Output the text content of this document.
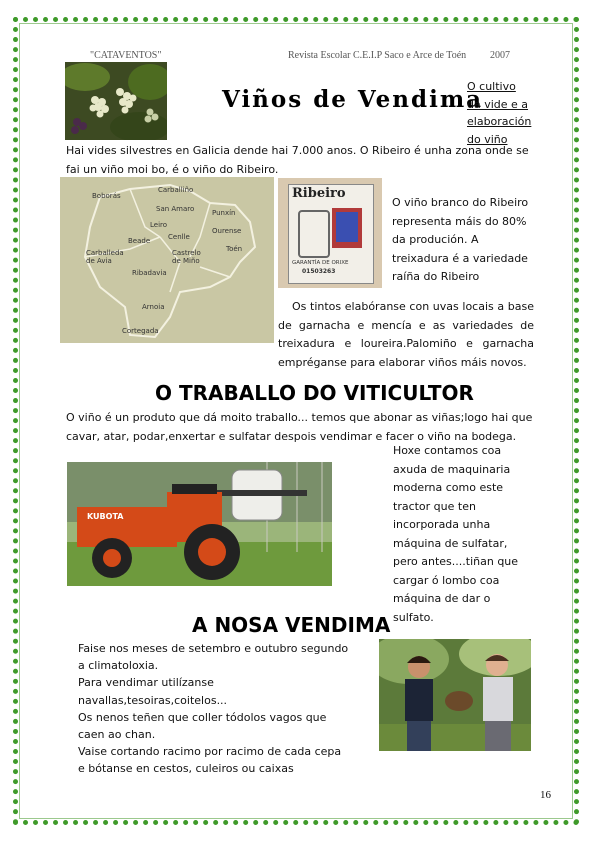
"CATAVENTOS"	Revista Escolar C.E.I.P Saco e Arce de Toén 2007
Viños de Vendima
O cultivo
da vide e a
elaboración
do viño
Hai vides silvestres en Galicia dende hai 7.000 anos. O Ribeiro é unha zona onde se fai un viño moi bo, é o viño do Ribeiro.
Carballiño
Boborás
San Amaro	Punxín
Leiro
Cenlle
Ourense
Beade
Carballeda de Avia
Castrelo de Miño
Toén
Ribadavia
Arnoia
Cortegada
Ribeiro
GARANTÍA DE ORIXE
01503263
O viño branco do Ribeiro representa máis do 80% da produción. A treixadura é a variedade raíña do Ribeiro
Os tintos elabóranse con uvas locais a base de garnacha e mencía e as variedades de treixadura e loureira.Palomiño e garnacha empréganse para elaborar viños máis novos.
O TRABALLO DO VITICULTOR
O viño é un produto que dá moito traballo... temos que abonar as viñas;logo hai que cavar, atar, podar,enxertar e sulfatar despois vendimar e facer o viño na bodega.
KUBOTA
Hoxe contamos coa axuda de maquinaria moderna como este tractor que ten incorporada unha máquina de sulfatar, pero antes....tiñan que cargar ó lombo coa máquina de dar o sulfato.
A NOSA VENDIMA
Faise nos meses de setembro e outubro segundo
a climatoloxia.
Para vendimar utilízanse
navallas,tesoiras,coitelos...
Os nenos teñen que coller tódolos vagos que
caen ao chan.
Vaise cortando racimo por racimo de cada cepa
e bótanse en cestos, culeiros ou caixas
16
